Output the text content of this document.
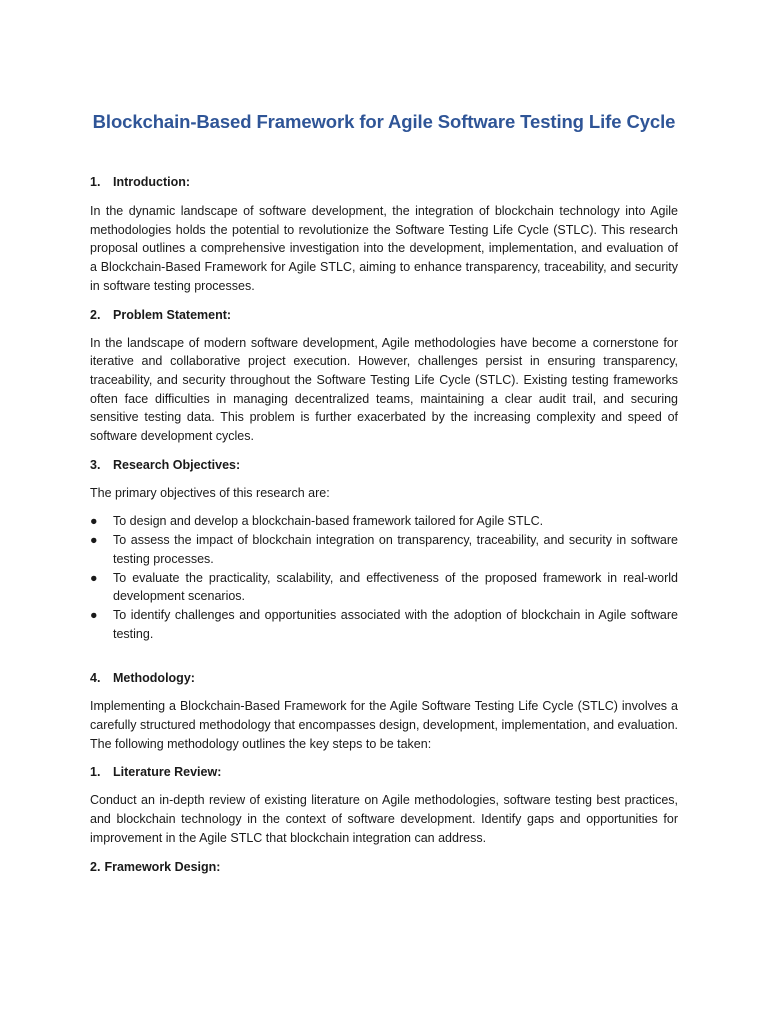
Blockchain-Based Framework for Agile Software Testing Life Cycle
1.	Introduction:

In the dynamic landscape of software development, the integration of blockchain technology into Agile methodologies holds the potential to revolutionize the Software Testing Life Cycle (STLC). This research proposal outlines a comprehensive investigation into the development, implementation, and evaluation of a Blockchain-Based Framework for Agile STLC, aiming to enhance transparency, traceability, and security in software testing processes.

2.	Problem Statement:

In the landscape of modern software development, Agile methodologies have become a cornerstone for iterative and collaborative project execution. However, challenges persist in ensuring transparency, traceability, and security throughout the Software Testing Life Cycle (STLC). Existing testing frameworks often face difficulties in managing decentralized teams, maintaining a clear audit trail, and securing sensitive testing data. This problem is further exacerbated by the increasing complexity and speed of software development cycles.

3.	Research Objectives:

The primary objectives of this research are:

●	To design and develop a blockchain-based framework tailored for Agile STLC.
●	To assess the impact of blockchain integration on transparency, traceability, and security in software testing processes.
●	To evaluate the practicality, scalability, and effectiveness of the proposed framework in real-world development scenarios.
●	To identify challenges and opportunities associated with the adoption of blockchain in Agile software testing.
4.	Methodology:

Implementing a Blockchain-Based Framework for the Agile Software Testing Life Cycle (STLC) involves a carefully structured methodology that encompasses design, development, implementation, and evaluation. The following methodology outlines the key steps to be taken:

1.	Literature Review:

Conduct an in-depth review of existing literature on Agile methodologies, software testing best practices, and blockchain technology in the context of software development. Identify gaps and opportunities for improvement in the Agile STLC that blockchain integration can address.

2. Framework Design:
